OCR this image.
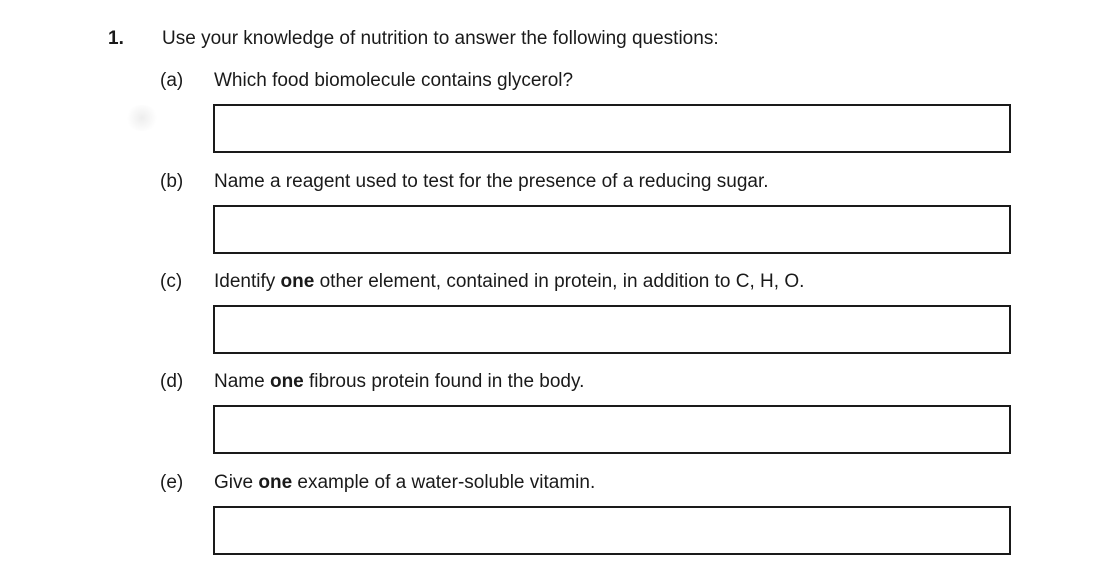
1. Use your knowledge of nutrition to answer the following questions:
(a) Which food biomolecule contains glycerol?
(b) Name a reagent used to test for the presence of a reducing sugar.
(c) Identify one other element, contained in protein, in addition to C, H, O.
(d) Name one fibrous protein found in the body.
(e) Give one example of a water-soluble vitamin.
